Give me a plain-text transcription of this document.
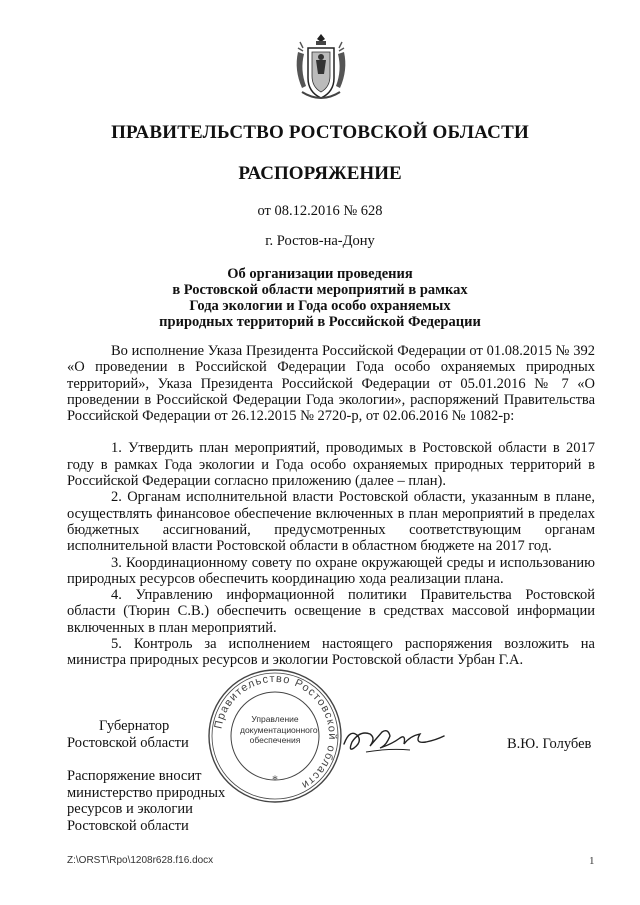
ПРАВИТЕЛЬСТВО РОСТОВСКОЙ ОБЛАСТИ
РАСПОРЯЖЕНИЕ
от 08.12.2016 № 628
г. Ростов-на-Дону
Об организации проведения
в Ростовской области мероприятий в рамках
Года экологии и Года особо охраняемых
природных территорий в Российской Федерации

Во исполнение Указа Президента Российской Федерации от 01.08.2015 № 392 «О проведении в Российской Федерации Года особо охраняемых природных территорий», Указа Президента Российской Федерации от 05.01.2016 № 7 «О проведении в Российской Федерации Года экологии», распоряжений Правительства Российской Федерации от 26.12.2015 № 2720-р, от 02.06.2016 № 1082-р:

1. Утвердить план мероприятий, проводимых в Ростовской области в 2017 году в рамках Года экологии и Года особо охраняемых природных территорий в Российской Федерации согласно приложению (далее – план).

2. Органам исполнительной власти Ростовской области, указанным в плане, осуществлять финансовое обеспечение включенных в план мероприятий в пределах бюджетных ассигнований, предусмотренных соответствующим органам исполнительной власти Ростовской области в областном бюджете на 2017 год.

3. Координационному совету по охране окружающей среды и использованию природных ресурсов обеспечить координацию хода реализации плана.

4. Управлению информационной политики Правительства Ростовской области (Тюрин С.В.) обеспечить освещение в средствах массовой информации включенных в план мероприятий.

5. Контроль за исполнением настоящего распоряжения возложить на министра природных ресурсов и экологии Ростовской области Урбан Г.А.

Правительство Ростовской области
*
Управление
документационного
обеспечения
Губернатор
Ростовской области	В.Ю. Голубев
Распоряжение вносит
министерство природных
ресурсов и экологии
Ростовской области
Z:\ORST\Rpo\1208r628.f16.docx	1
